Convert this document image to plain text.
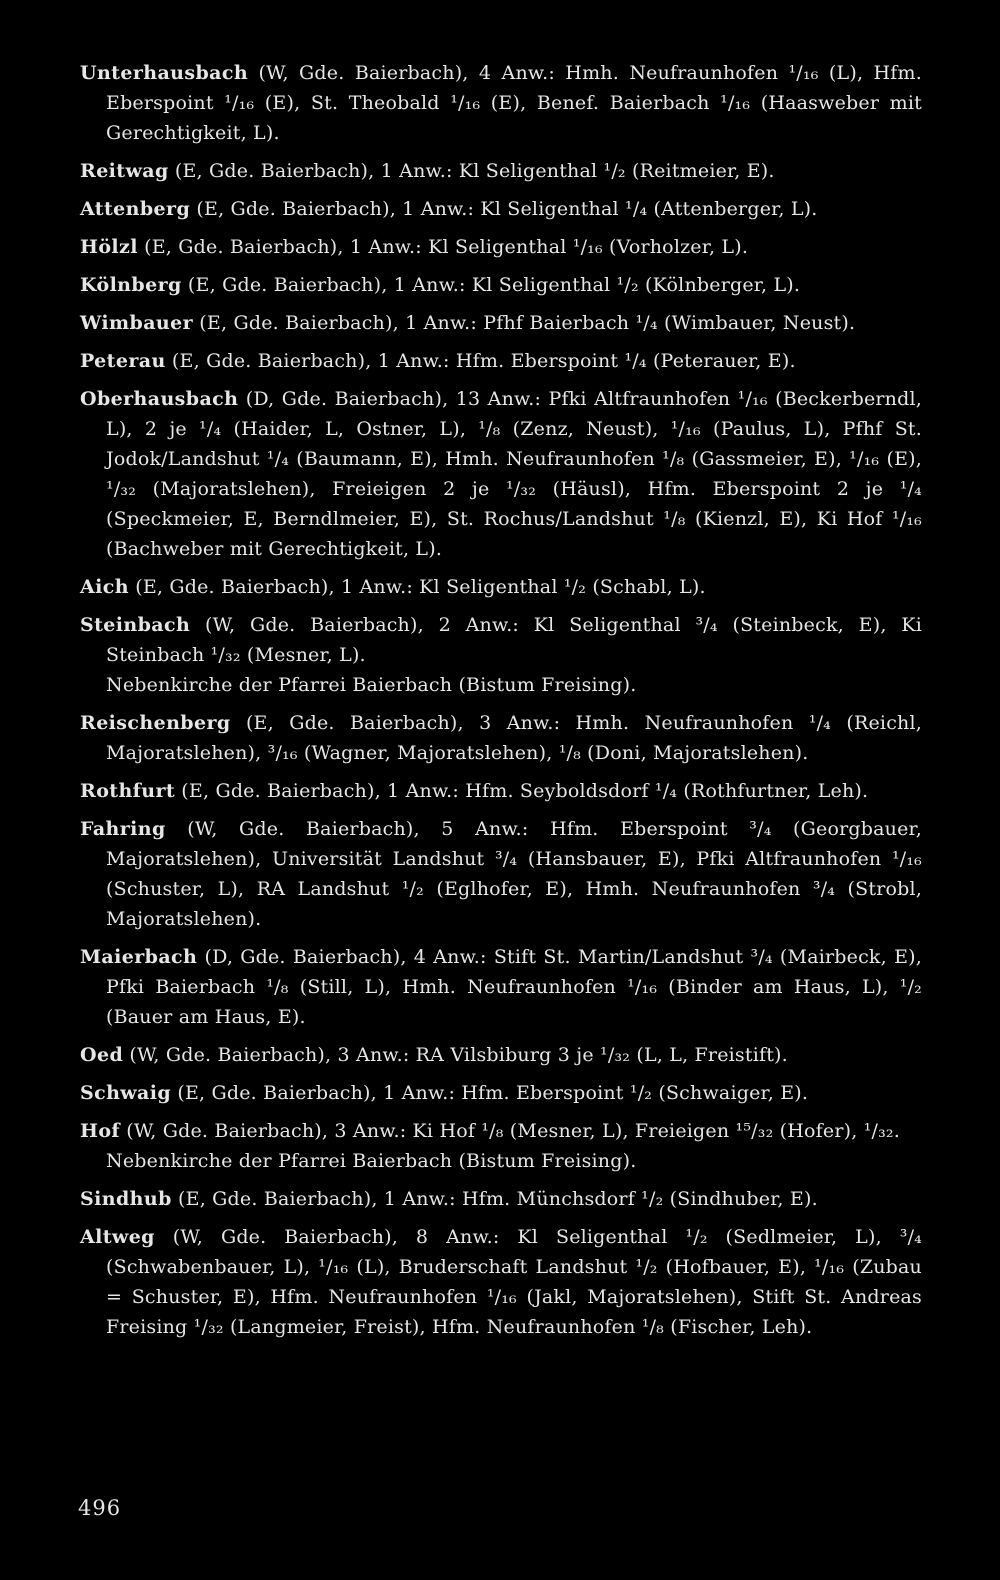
Unterhausbach (W, Gde. Baierbach), 4 Anw.: Hmh. Neufraunhofen ¹/₁₆ (L), Hfm. Eberspoint ¹/₁₆ (E), St. Theobald ¹/₁₆ (E), Benef. Baierbach ¹/₁₆ (Haasweber mit Gerechtigkeit, L).

Reitwag (E, Gde. Baierbach), 1 Anw.: Kl Seligenthal ¹/₂ (Reitmeier, E).

Attenberg (E, Gde. Baierbach), 1 Anw.: Kl Seligenthal ¹/₄ (Attenberger, L).

Hölzl (E, Gde. Baierbach), 1 Anw.: Kl Seligenthal ¹/₁₆ (Vorholzer, L).

Kölnberg (E, Gde. Baierbach), 1 Anw.: Kl Seligenthal ¹/₂ (Kölnberger, L).

Wimbauer (E, Gde. Baierbach), 1 Anw.: Pfhf Baierbach ¹/₄ (Wimbauer, Neust).

Peterau (E, Gde. Baierbach), 1 Anw.: Hfm. Eberspoint ¹/₄ (Peterauer, E).

Oberhausbach (D, Gde. Baierbach), 13 Anw.: Pfki Altfraunhofen ¹/₁₆ (Beckerberndl, L), 2 je ¹/₄ (Haider, L, Ostner, L), ¹/₈ (Zenz, Neust), ¹/₁₆ (Paulus, L), Pfhf St. Jodok/Landshut ¹/₄ (Baumann, E), Hmh. Neufraunhofen ¹/₈ (Gassmeier, E), ¹/₁₆ (E), ¹/₃₂ (Majoratslehen), Freieigen 2 je ¹/₃₂ (Häusl), Hfm. Eberspoint 2 je ¹/₄ (Speckmeier, E, Berndlmeier, E), St. Rochus/Landshut ¹/₈ (Kienzl, E), Ki Hof ¹/₁₆ (Bachweber mit Gerechtigkeit, L).

Aich (E, Gde. Baierbach), 1 Anw.: Kl Seligenthal ¹/₂ (Schabl, L).

Steinbach (W, Gde. Baierbach), 2 Anw.: Kl Seligenthal ³/₄ (Steinbeck, E), Ki Steinbach ¹/₃₂ (Mesner, L).
Nebenkirche der Pfarrei Baierbach (Bistum Freising).

Reischenberg (E, Gde. Baierbach), 3 Anw.: Hmh. Neufraunhofen ¹/₄ (Reichl, Majoratslehen), ³/₁₆ (Wagner, Majoratslehen), ¹/₈ (Doni, Majoratslehen).

Rothfurt (E, Gde. Baierbach), 1 Anw.: Hfm. Seyboldsdorf ¹/₄ (Rothfurtner, Leh).

Fahring (W, Gde. Baierbach), 5 Anw.: Hfm. Eberspoint ³/₄ (Georgbauer, Majoratslehen), Universität Landshut ³/₄ (Hansbauer, E), Pfki Altfraunhofen ¹/₁₆ (Schuster, L), RA Landshut ¹/₂ (Eglhofer, E), Hmh. Neufraunhofen ³/₄ (Strobl, Majoratslehen).

Maierbach (D, Gde. Baierbach), 4 Anw.: Stift St. Martin/Landshut ³/₄ (Mairbeck, E), Pfki Baierbach ¹/₈ (Still, L), Hmh. Neufraunhofen ¹/₁₆ (Binder am Haus, L), ¹/₂ (Bauer am Haus, E).

Oed (W, Gde. Baierbach), 3 Anw.: RA Vilsbiburg 3 je ¹/₃₂ (L, L, Freistift).

Schwaig (E, Gde. Baierbach), 1 Anw.: Hfm. Eberspoint ¹/₂ (Schwaiger, E).

Hof (W, Gde. Baierbach), 3 Anw.: Ki Hof ¹/₈ (Mesner, L), Freieigen ¹⁵/₃₂ (Hofer), ¹/₃₂.
Nebenkirche der Pfarrei Baierbach (Bistum Freising).

Sindhub (E, Gde. Baierbach), 1 Anw.: Hfm. Münchsdorf ¹/₂ (Sindhuber, E).

Altweg (W, Gde. Baierbach), 8 Anw.: Kl Seligenthal ¹/₂ (Sedlmeier, L), ³/₄ (Schwabenbauer, L), ¹/₁₆ (L), Bruderschaft Landshut ¹/₂ (Hofbauer, E), ¹/₁₆ (Zubau = Schuster, E), Hfm. Neufraunhofen ¹/₁₆ (Jakl, Majoratslehen), Stift St. Andreas Freising ¹/₃₂ (Langmeier, Freist), Hfm. Neufraunhofen ¹/₈ (Fischer, Leh).

496
